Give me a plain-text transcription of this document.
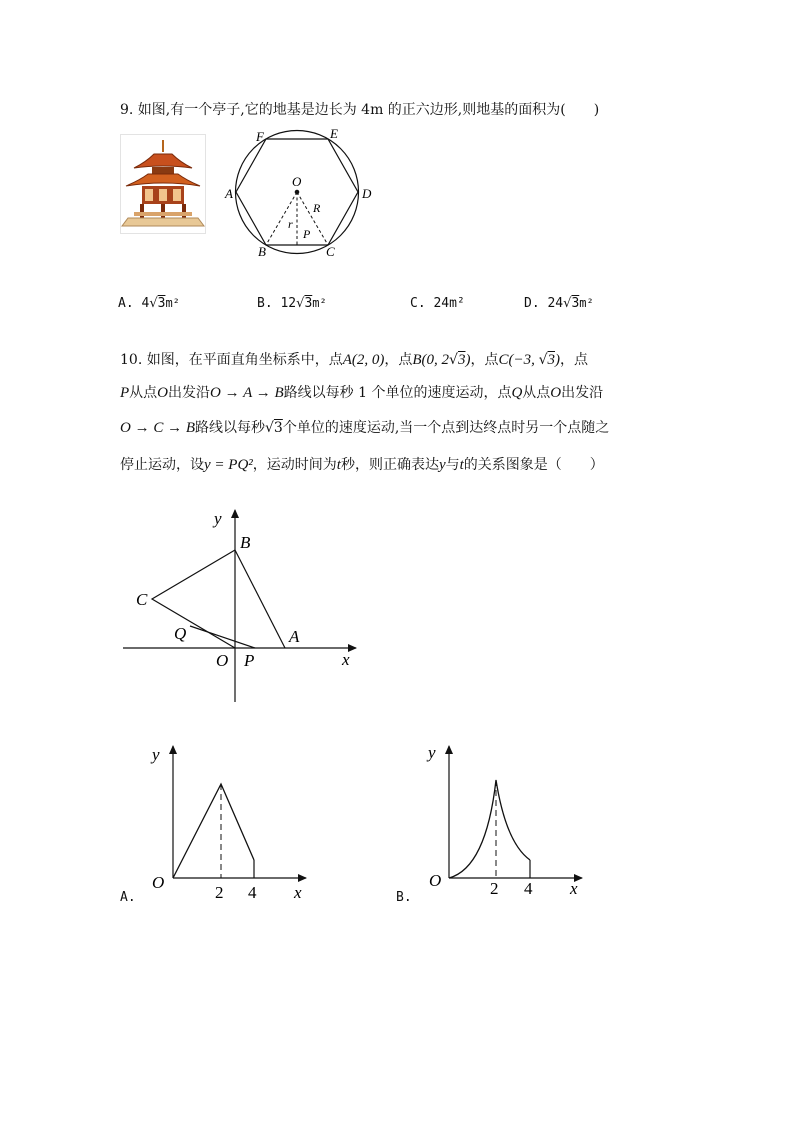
9. 如图,有一个亭子,它的地基是边长为 4m 的正六边形,则地基的面积为(　　)
F	E
A	D
B	C
O
R
r
P
A. 4√3m²	B. 12√3m²	C. 24m²	D. 24√3m²
10. 如图，在平面直角坐标系中，点A(2, 0)，点B(0, 2√3)，点C(−3, √3)，点
P从点O出发沿O → A → B路线以每秒 1 个单位的速度运动，点Q从点O出发沿
O → C → B路线以每秒√3个单位的速度运动,当一个点到达终点时另一个点随之
停止运动，设y = PQ²，运动时间为t秒，则正确表达y与t的关系图象是（　　）
y
x
B
C
Q	A
O P
y
x
O
2 4
A.
y
x
O	2 4
B.
